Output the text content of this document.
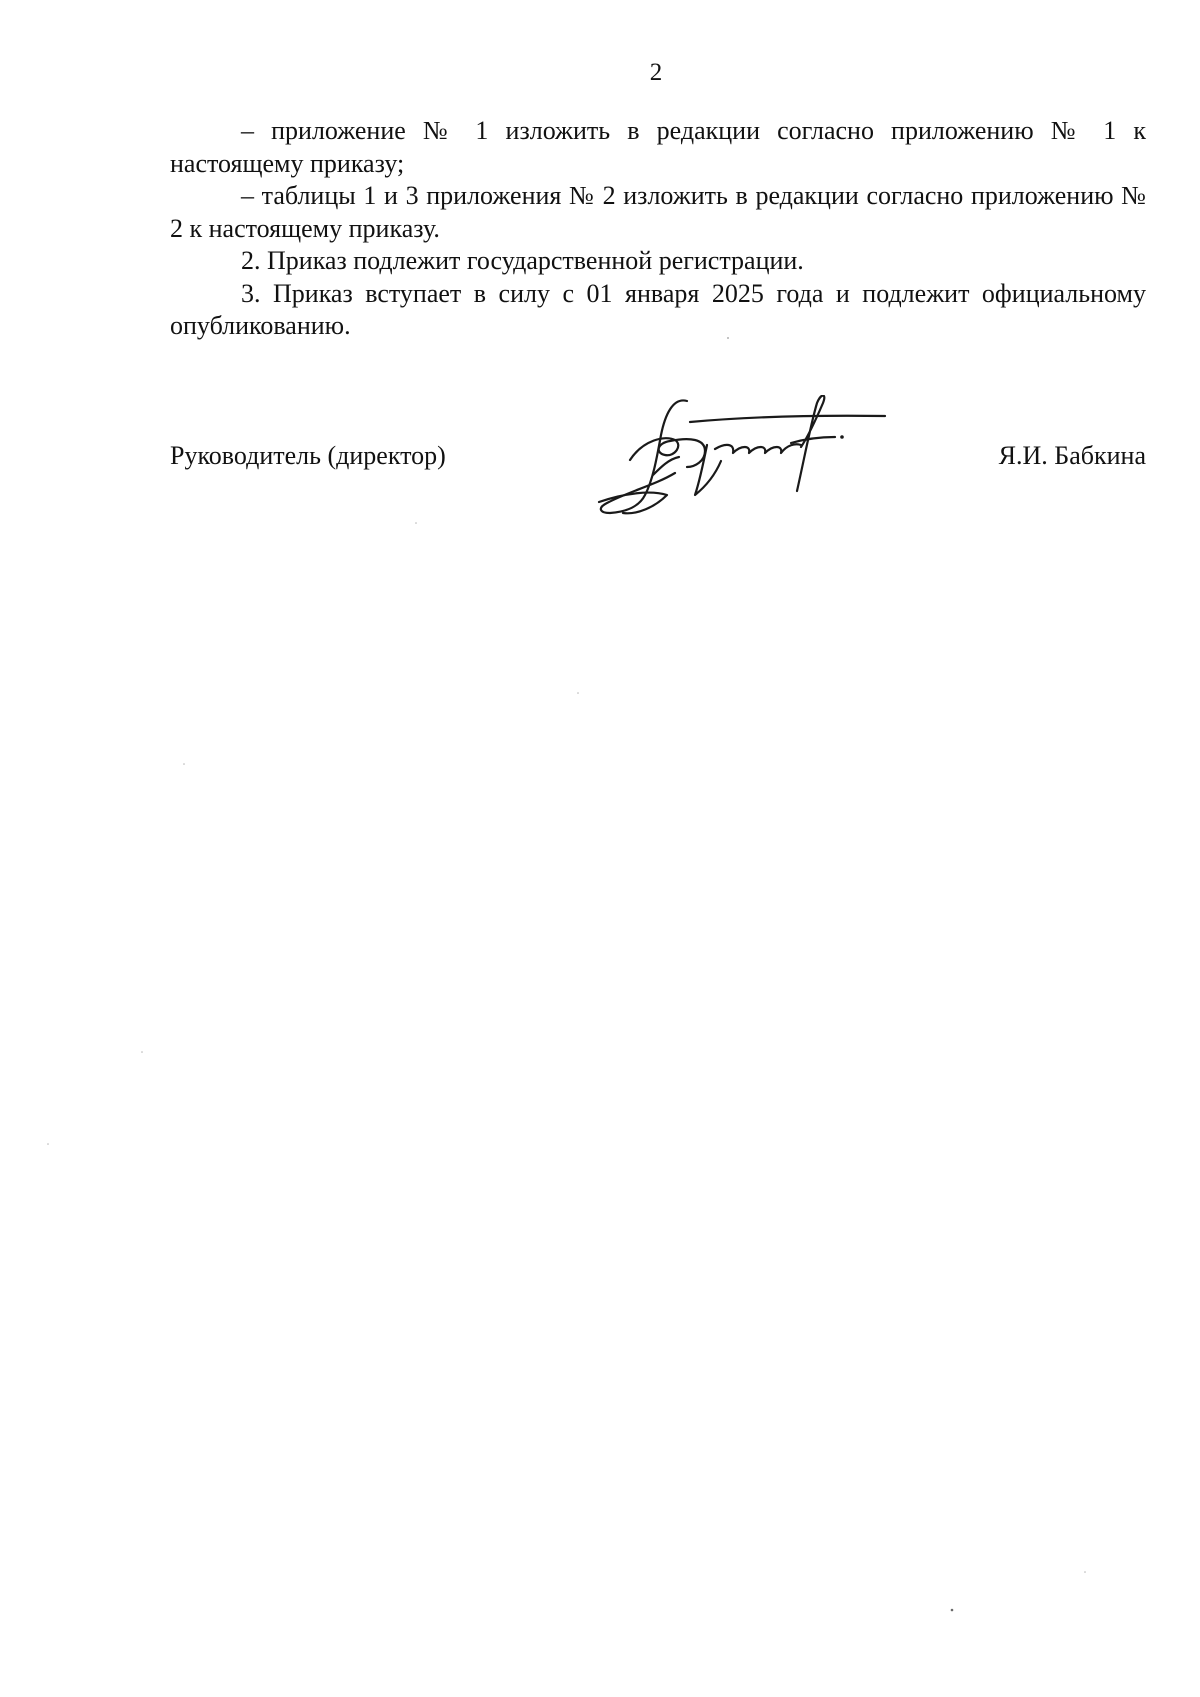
2

– приложение № 1 изложить в редакции согласно приложению № 1 к настоящему приказу;

– таблицы 1 и 3 приложения № 2 изложить в редакции согласно приложению № 2 к настоящему приказу.

2. Приказ подлежит государственной регистрации.

3. Приказ вступает в силу с 01 января 2025 года и подлежит официальному опубликованию.

Руководитель (директор)	Я.И. Бабкина
